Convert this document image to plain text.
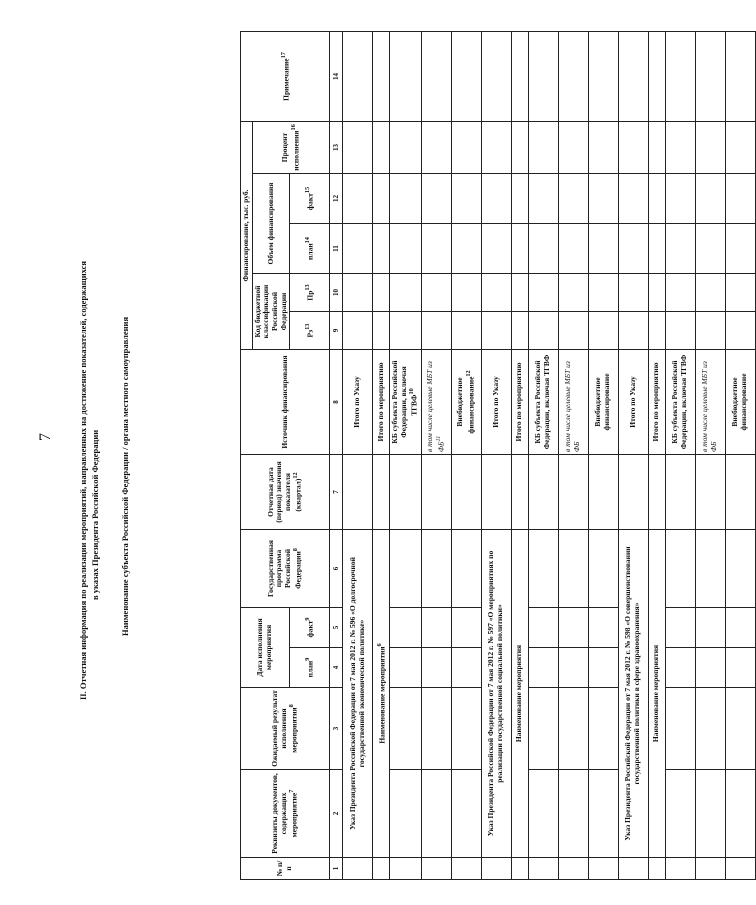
7	II. Отчетная информация по реализации мероприятий, направленных на достижение показателей, содержащихся в указах Президента Российской Федерации Наименование субъекта Российской Федерации / органа местного самоуправления
№ п/п	Реквизиты документов, содержащих мероприятие$^7$	Ожидаемый результат исполнения мероприятия$^8$	Дата исполнения мероприятия		Государственная программа Российской Федерации$^8$	Отчетная дата (период) значения показателя (квартал)$^{12}$	Источник финансирования	Финансирование, тыс. руб.					Примечание$^{17}$
								Код бюджетной классификации Российской Федерации		Объем финансирования		Процент исполнения$^{16}$
			план$^9$	факт$^9$				$Рз^{13}$	$Пр^{13}$	план$^{14}$	факт$^{15}$
1	2	3	4	5	6	7	8	9	10	11	12	13	14
	Указ Президента Российской Федерации от 7 мая 2012 г. № 596 «О долгосрочной государственной экономической политике»						Итого по Указу						
	Наименование мероприятия$^6$						Итого по мероприятию						
							КБ субъекта Российской Федерации, включая ТГВФ$^{10}$						
							в том числе целевые МБТ из ФБ$^{11}$						
							Внебюджетное финансирование$^{12}$						
	Указ Президента Российской Федерации от 7 мая 2012 г. № 597 «О мероприятиях по реализации государственной социальной политики»						Итого по Указу						
	Наименование мероприятия						Итого по мероприятию						
							КБ субъекта Российской Федерации, включая ТГВФ						
							в том числе целевые МБТ из ФБ						
							Внебюджетное финансирование						
	Указ Президента Российской Федерации от 7 мая 2012 г. № 598 «О совершенствовании государственной политики в сфере здравоохранения»						Итого по Указу						
	Наименование мероприятия						Итого по мероприятию						
							КБ субъекта Российской Федерации, включая ТГВФ						
							в том числе целевые МБТ из ФБ						
							Внебюджетное финансирование						
